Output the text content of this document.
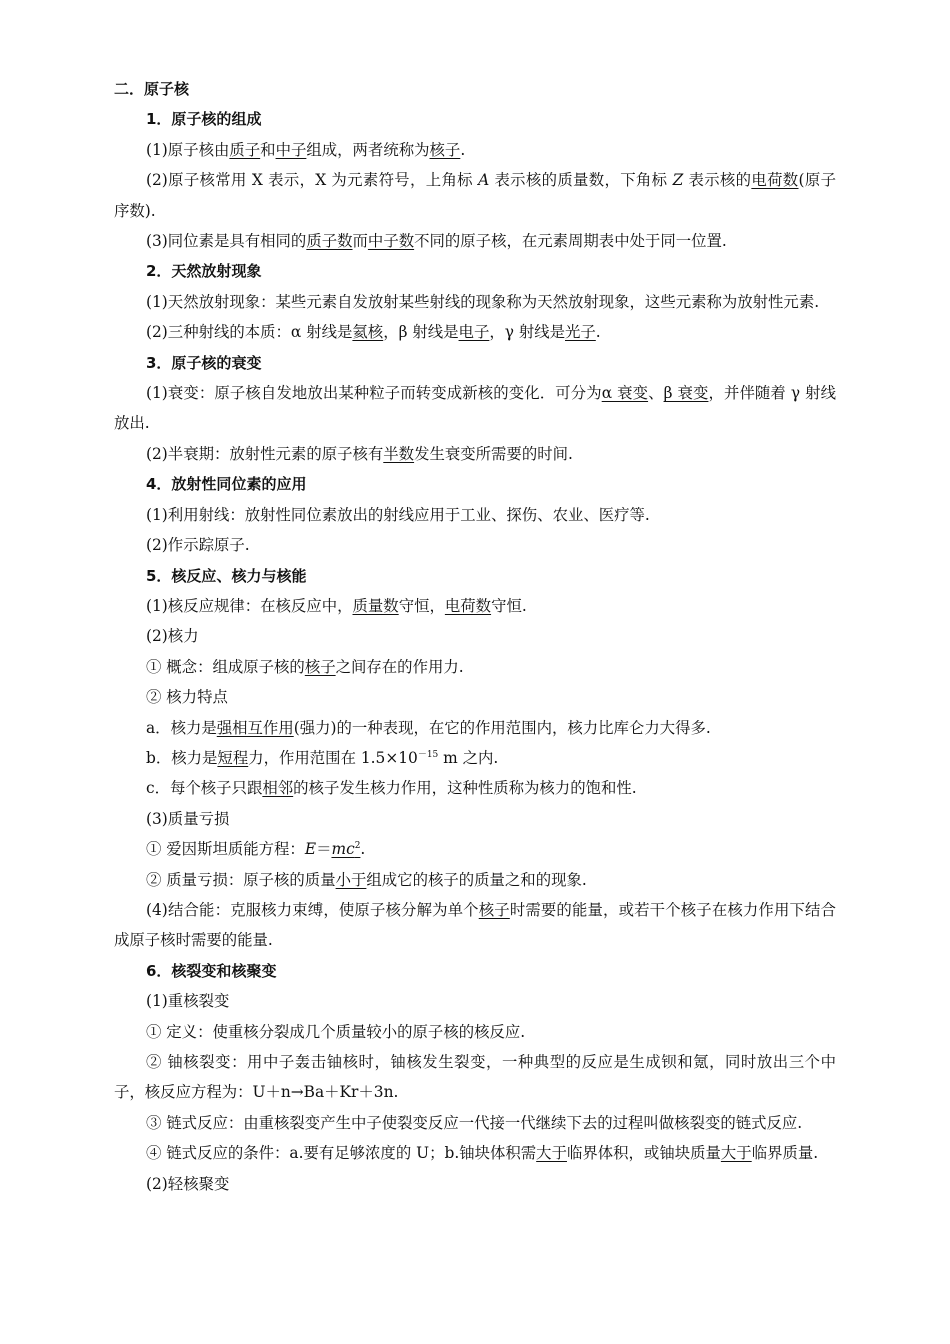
二．原子核

1．原子核的组成

(1)原子核由质子和中子组成，两者统称为核子.

(2)原子核常用 X 表示，X 为元素符号，上角标 A 表示核的质量数，下角标 Z 表示核的电荷数(原子序数).

(3)同位素是具有相同的质子数而中子数不同的原子核，在元素周期表中处于同一位置.

2．天然放射现象

(1)天然放射现象：某些元素自发放射某些射线的现象称为天然放射现象，这些元素称为放射性元素.

(2)三种射线的本质：α 射线是氦核，β 射线是电子，γ 射线是光子.

3．原子核的衰变

(1)衰变：原子核自发地放出某种粒子而转变成新核的变化．可分为α 衰变、β 衰变，并伴随着 γ 射线放出.

(2)半衰期：放射性元素的原子核有半数发生衰变所需要的时间.

4．放射性同位素的应用

(1)利用射线：放射性同位素放出的射线应用于工业、探伤、农业、医疗等.

(2)作示踪原子.

5．核反应、核力与核能

(1)核反应规律：在核反应中，质量数守恒，电荷数守恒.

(2)核力

① 概念：组成原子核的核子之间存在的作用力.

② 核力特点

a．核力是强相互作用(强力)的一种表现，在它的作用范围内，核力比库仑力大得多.

b．核力是短程力，作用范围在 $1.5\times 10^{-15}$ m 之内.

c．每个核子只跟相邻的核子发生核力作用，这种性质称为核力的饱和性.

(3)质量亏损

① 爱因斯坦质能方程：$E=mc^2$.

② 质量亏损：原子核的质量小于组成它的核子的质量之和的现象.

(4)结合能：克服核力束缚，使原子核分解为单个核子时需要的能量，或若干个核子在核力作用下结合成原子核时需要的能量.

6．核裂变和核聚变

(1)重核裂变

① 定义：使重核分裂成几个质量较小的原子核的核反应.

② 铀核裂变：用中子轰击铀核时，铀核发生裂变，一种典型的反应是生成钡和氪，同时放出三个中子，核反应方程为：U＋n→Ba＋Kr＋3n.

③ 链式反应：由重核裂变产生中子使裂变反应一代接一代继续下去的过程叫做核裂变的链式反应.

④ 链式反应的条件：a.要有足够浓度的 U；b.铀块体积需大于临界体积，或铀块质量大于临界质量.

(2)轻核聚变
